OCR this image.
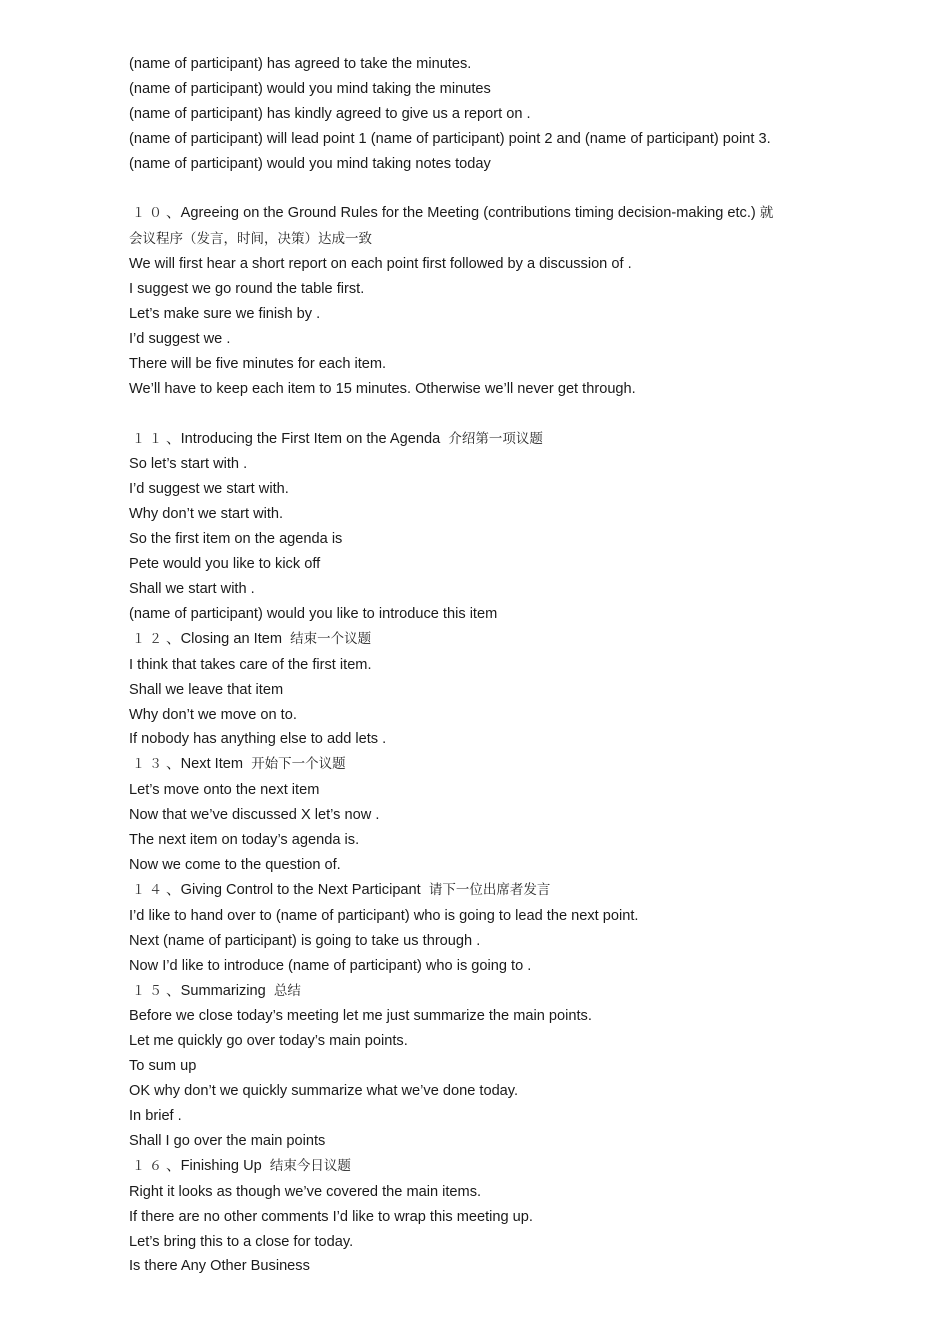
(name of participant) has agreed to take the minutes.
(name of participant) would you mind taking the minutes
(name of participant) has kindly agreed to give us a report on .
(name of participant) will lead point 1 (name of participant) point 2 and (name of participant) point 3.
(name of participant) would you mind taking notes today
１０、Agreeing on the Ground Rules for the Meeting (contributions timing decision-making etc.) 就
会议程序（发言，时间，决策）达成一致
We will first hear a short report on each point first followed by a discussion of .
I suggest we go round the table first.
Let’s make sure we finish by .
I’d suggest we .
There will be five minutes for each item.
We’ll have to keep each item to 15 minutes. Otherwise we’ll never get through.
１１、Introducing the First Item on the Agenda 介绍第一项议题
So let’s start with .
I’d suggest we start with.
Why don’t we start with.
So the first item on the agenda is
Pete would you like to kick off
Shall we start with .
(name of participant) would you like to introduce this item
１２、Closing an Item 结束一个议题
I think that takes care of the first item.
Shall we leave that item
Why don’t we move on to.
If nobody has anything else to add lets .
１３、Next Item 开始下一个议题
Let’s move onto the next item
Now that we’ve discussed X let’s now .
The next item on today’s agenda is.
Now we come to the question of.
１４、Giving Control to the Next Participant 请下一位出席者发言
I’d like to hand over to (name of participant) who is going to lead the next point.
Next (name of participant) is going to take us through .
Now I’d like to introduce (name of participant) who is going to .
１５、Summarizing 总结
Before we close today’s meeting let me just summarize the main points.
Let me quickly go over today’s main points.
To sum up
OK why don’t we quickly summarize what we’ve done today.
In brief .
Shall I go over the main points
１６、Finishing Up 结束今日议题
Right it looks as though we’ve covered the main items.
If there are no other comments I’d like to wrap this meeting up.
Let’s bring this to a close for today.
Is there Any Other Business
